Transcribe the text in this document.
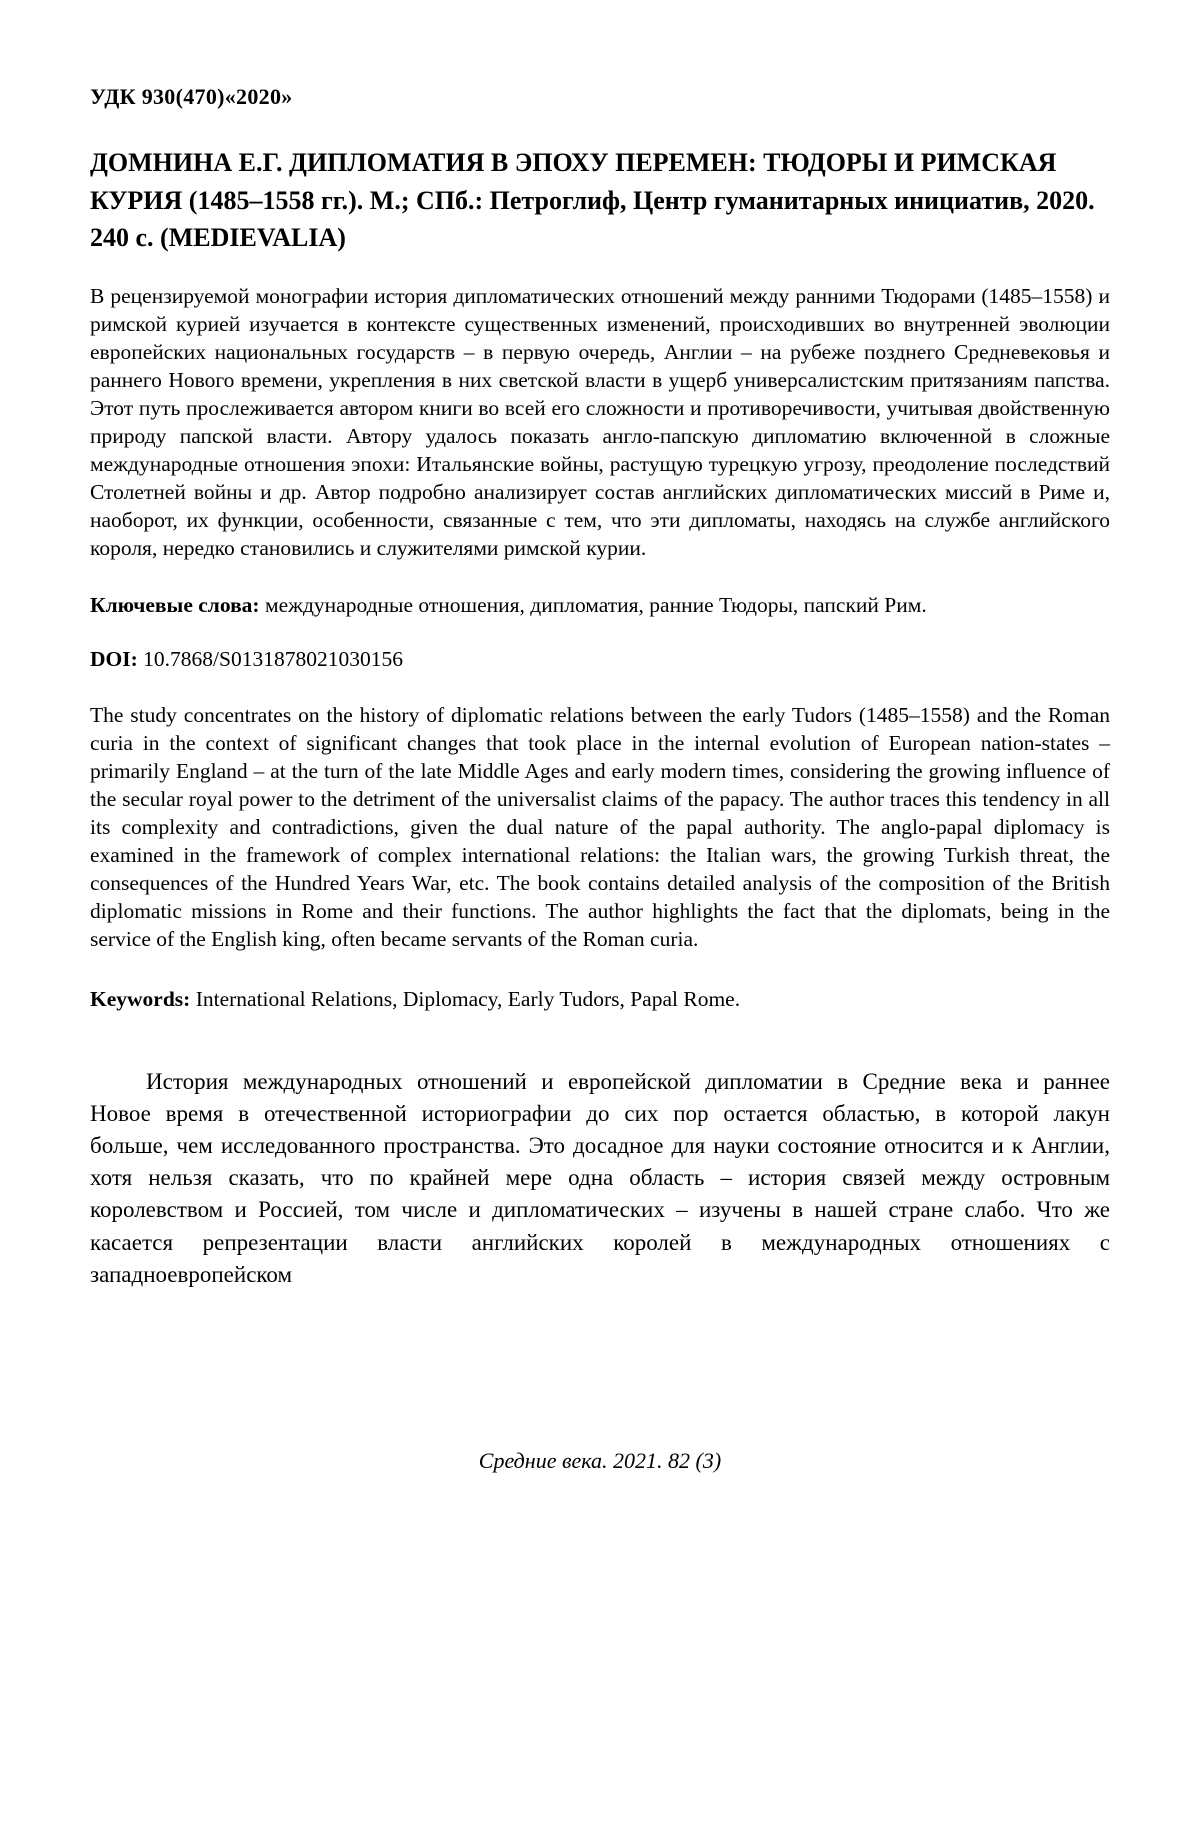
УДК 930(470)«2020»
ДОМНИНА Е.Г. ДИПЛОМАТИЯ В ЭПОХУ ПЕРЕМЕН: ТЮДОРЫ И РИМСКАЯ КУРИЯ (1485–1558 гг.). М.; СПб.: Петроглиф, Центр гуманитарных инициатив, 2020. 240 с. (MEDIEVALIA)

В рецензируемой монографии история дипломатических отношений между ранними Тюдорами (1485–1558) и римской курией изучается в контексте существенных изменений, происходивших во внутренней эволюции европейских национальных государств – в первую очередь, Англии – на рубеже позднего Средневековья и раннего Нового времени, укрепления в них светской власти в ущерб универсалистским притязаниям папства. Этот путь прослеживается автором книги во всей его сложности и противоречивости, учитывая двойственную природу папской власти. Автору удалось показать англо-папскую дипломатию включенной в сложные международные отношения эпохи: Итальянские войны, растущую турецкую угрозу, преодоление последствий Столетней войны и др. Автор подробно анализирует состав английских дипломатических миссий в Риме и, наоборот, их функции, особенности, связанные с тем, что эти дипломаты, находясь на службе английского короля, нередко становились и служителями римской курии.

Ключевые слова: международные отношения, дипломатия, ранние Тюдоры, папский Рим.

DOI: 10.7868/S0131878021030156

The study concentrates on the history of diplomatic relations between the early Tudors (1485–1558) and the Roman curia in the context of significant changes that took place in the internal evolution of European nation-states – primarily England – at the turn of the late Middle Ages and early modern times, considering the growing influence of the secular royal power to the detriment of the universalist claims of the papacy. The author traces this tendency in all its complexity and contradictions, given the dual nature of the papal authority. The anglo-papal diplomacy is examined in the framework of complex international relations: the Italian wars, the growing Turkish threat, the consequences of the Hundred Years War, etc. The book contains detailed analysis of the composition of the British diplomatic missions in Rome and their functions. The author highlights the fact that the diplomats, being in the service of the English king, often became servants of the Roman curia.

Keywords: International Relations, Diplomacy, Early Tudors, Papal Rome.

История международных отношений и европейской дипломатии в Средние века и раннее Новое время в отечественной историографии до сих пор остается областью, в которой лакун больше, чем исследованного пространства. Это досадное для науки состояние относится и к Англии, хотя нельзя сказать, что по крайней мере одна область – история связей между островным королевством и Россией, том числе и дипломатических – изучены в нашей стране слабо. Что же касается репрезентации власти английских королей в международных отношениях с западноевропейском

Средние века. 2021. 82 (3)
